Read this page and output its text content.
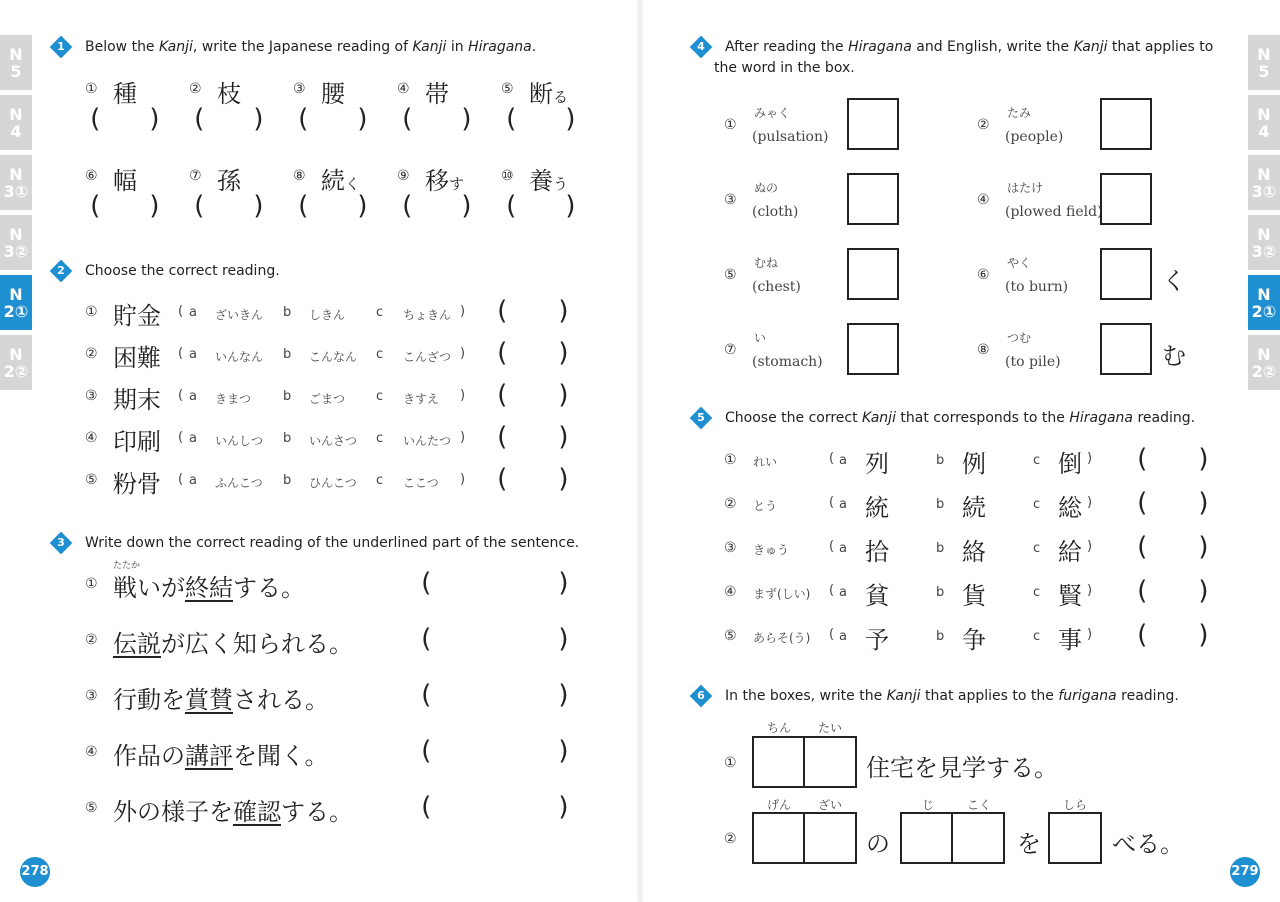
N
5
N
4
N
3①
N
3②
N
2①
N
2②
N
5
N
4
N
3①
N
3②
N
2①
N
2②
1	Below the Kanji, write the Japanese reading of Kanji in Hiragana.
① 種
( )
② 枝
( )
③ 腰
( )
④ 帯
( )
⑤ 断る
( )
⑥ 幅
( )
⑦ 孫
( )
⑧ 続く
( )
⑨ 移す
( )
⑩ 養う
( )
2	Choose the correct reading.
① 貯金 ( a ざいきん b しきん c ちょきん ) ( )
② 困難 ( a いんなん b こんなん c こんざつ ) ( )
③ 期末 ( a きまつ b ごまつ c きすえ ) ( )
④ 印刷 ( a いんしつ b いんさつ c いんたつ ) ( )
⑤ 粉骨 ( a ふんこつ b ひんこつ c ここつ ) ( )
3	Write down the correct reading of the underlined part of the sentence.
たたか
① 戦いが終結する。	(	)
② 伝説が広く知られる。	(	)
③ 行動を賞賛される。	(	)
④ 作品の講評を聞く。	(	)
⑤ 外の様子を確認する。	(	)
4	After reading the Hiragana and English, write the Kanji that applies to
the word in the box.
①
みゃく
(pulsation)
②
たみ
(people)
③
ぬの
(cloth)
④
はたけ
(plowed field)
⑤
むね
(chest)
⑥
やく
(to burn)	く
⑦
い
(stomach)
⑧
つむ
(to pile)	む
5	Choose the correct Kanji that corresponds to the Hiragana reading.
① れい	( a 列	b 例	c 倒 ) ( )
② とう	( a 統	b 続	c 総 ) ( )
③ きゅう	( a 拾	b 絡	c 給 ) ( )
④ まず(しい) ( a 貧	b 貨	c 賢 ) ( )
⑤ あらそ(う) ( a 予	b 争	c 事 ) ( )
6	In the boxes, write the Kanji that applies to the furigana reading.
①
ちん たい
住宅を見学する。
②
げん ざい
の
じ	こく
を
しら
べる。
278	279
